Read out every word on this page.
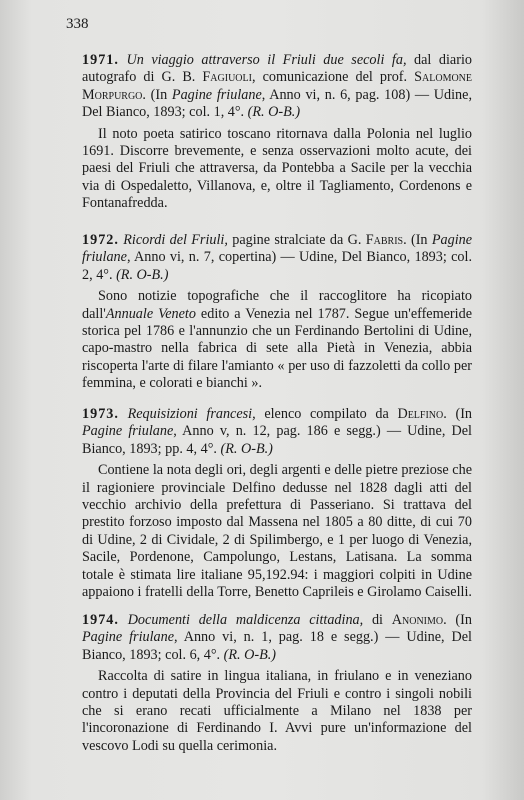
338

1971. Un viaggio attraverso il Friuli due secoli fa, dal diario autografo di G. B. Fagiuoli, comunicazione del prof. Salomone Morpurgo. (In Pagine friulane, Anno vi, n. 6, pag. 108) — Udine, Del Bianco, 1893; col. 1, 4°. (R. O-B.)

Il noto poeta satirico toscano ritornava dalla Polonia nel luglio 1691. Discorre brevemente, e senza osservazioni molto acute, dei paesi del Friuli che attraversa, da Pontebba a Sacile per la vecchia via di Ospedaletto, Villanova, e, oltre il Tagliamento, Cordenons e Fontanafredda.

1972. Ricordi del Friuli, pagine stralciate da G. Fabris. (In Pagine friulane, Anno vi, n. 7, copertina) — Udine, Del Bianco, 1893; col. 2, 4°. (R. O-B.)

Sono notizie topografiche che il raccoglitore ha ricopiato dall'Annuale Veneto edito a Venezia nel 1787. Segue un'effemeride storica pel 1786 e l'annunzio che un Ferdinando Bertolini di Udine, capo-mastro nella fabrica di sete alla Pietà in Venezia, abbia riscoperta l'arte di filare l'amianto « per uso di fazzoletti da collo per femmina, e colorati e bianchi ».

1973. Requisizioni francesi, elenco compilato da Delfino. (In Pagine friulane, Anno v, n. 12, pag. 186 e segg.) — Udine, Del Bianco, 1893; pp. 4, 4°. (R. O-B.)

Contiene la nota degli ori, degli argenti e delle pietre preziose che il ragioniere provinciale Delfino dedusse nel 1828 dagli atti del vecchio archivio della prefettura di Passeriano. Si trattava del prestito forzoso imposto dal Massena nel 1805 a 80 ditte, di cui 70 di Udine, 2 di Cividale, 2 di Spilimbergo, e 1 per luogo di Venezia, Sacile, Pordenone, Campolungo, Lestans, Latisana. La somma totale è stimata lire italiane 95,192.94: i maggiori colpiti in Udine appaiono i fratelli della Torre, Benetto Caprileis e Girolamo Caiselli.

1974. Documenti della maldicenza cittadina, di Anonimo. (In Pagine friulane, Anno vi, n. 1, pag. 18 e segg.) — Udine, Del Bianco, 1893; col. 6, 4°. (R. O-B.)

Raccolta di satire in lingua italiana, in friulano e in veneziano contro i deputati della Provincia del Friuli e contro i singoli nobili che si erano recati ufficialmente a Milano nel 1838 per l'incoronazione di Ferdinando I. Avvi pure un'informazione del vescovo Lodi su quella cerimonia.
